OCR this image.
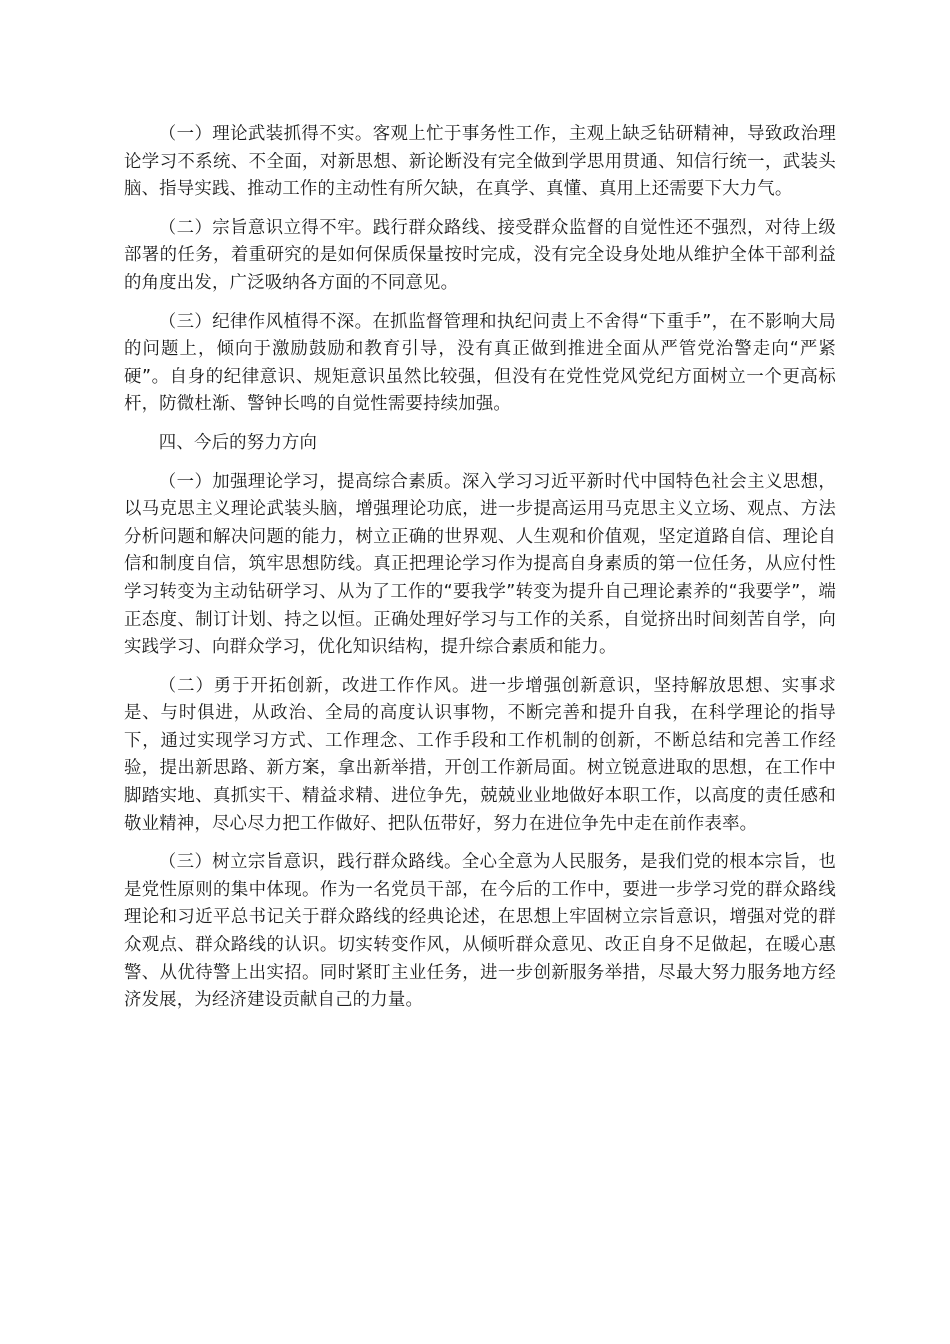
（一）理论武装抓得不实。客观上忙于事务性工作，主观上缺乏钻研精神，导致政治理论学习不系统、不全面，对新思想、新论断没有完全做到学思用贯通、知信行统一，武装头脑、指导实践、推动工作的主动性有所欠缺，在真学、真懂、真用上还需要下大力气。

（二）宗旨意识立得不牢。践行群众路线、接受群众监督的自觉性还不强烈，对待上级部署的任务，着重研究的是如何保质保量按时完成，没有完全设身处地从维护全体干部利益的角度出发，广泛吸纳各方面的不同意见。

（三）纪律作风植得不深。在抓监督管理和执纪问责上不舍得“下重手”，在不影响大局的问题上，倾向于激励鼓励和教育引导，没有真正做到推进全面从严管党治警走向“严紧硬”。自身的纪律意识、规矩意识虽然比较强，但没有在党性党风党纪方面树立一个更高标杆，防微杜渐、警钟长鸣的自觉性需要持续加强。

四、今后的努力方向

（一）加强理论学习，提高综合素质。深入学习习近平新时代中国特色社会主义思想，以马克思主义理论武装头脑，增强理论功底，进一步提高运用马克思主义立场、观点、方法分析问题和解决问题的能力，树立正确的世界观、人生观和价值观，坚定道路自信、理论自信和制度自信，筑牢思想防线。真正把理论学习作为提高自身素质的第一位任务，从应付性学习转变为主动钻研学习、从为了工作的“要我学”转变为提升自己理论素养的“我要学”，端正态度、制订计划、持之以恒。正确处理好学习与工作的关系，自觉挤出时间刻苦自学，向实践学习、向群众学习，优化知识结构，提升综合素质和能力。

（二）勇于开拓创新，改进工作作风。进一步增强创新意识，坚持解放思想、实事求是、与时俱进，从政治、全局的高度认识事物，不断完善和提升自我，在科学理论的指导下，通过实现学习方式、工作理念、工作手段和工作机制的创新，不断总结和完善工作经验，提出新思路、新方案，拿出新举措，开创工作新局面。树立锐意进取的思想，在工作中脚踏实地、真抓实干、精益求精、进位争先，兢兢业业地做好本职工作，以高度的责任感和敬业精神，尽心尽力把工作做好、把队伍带好，努力在进位争先中走在前作表率。

（三）树立宗旨意识，践行群众路线。全心全意为人民服务，是我们党的根本宗旨，也是党性原则的集中体现。作为一名党员干部，在今后的工作中，要进一步学习党的群众路线理论和习近平总书记关于群众路线的经典论述，在思想上牢固树立宗旨意识，增强对党的群众观点、群众路线的认识。切实转变作风，从倾听群众意见、改正自身不足做起，在暖心惠警、从优待警上出实招。同时紧盯主业任务，进一步创新服务举措，尽最大努力服务地方经济发展，为经济建设贡献自己的力量。
